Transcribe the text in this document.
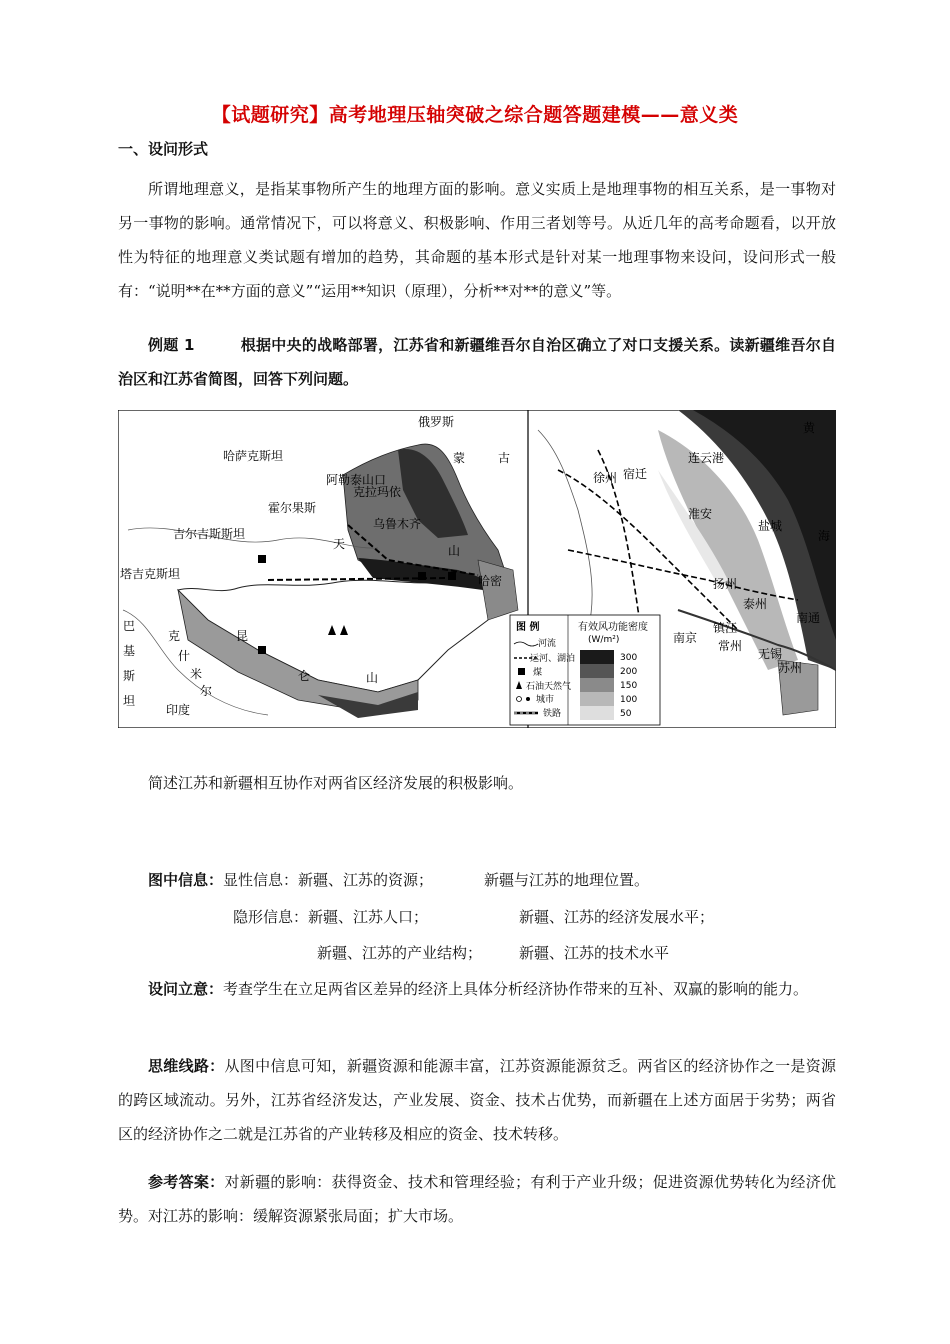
【试题研究】高考地理压轴突破之综合题答题建模——意义类
一、设问形式
所谓地理意义，是指某事物所产生的地理方面的影响。意义实质上是地理事物的相互关系，是一事物对另一事物的影响。通常情况下，可以将意义、积极影响、作用三者划等号。从近几年的高考命题看，以开放性为特征的地理意义类试题有增加的趋势，其命题的基本形式是针对某一地理事物来设问，设问形式一般有：“说明**在**方面的意义”“运用**知识（原理），分析**对**的意义”等。
例题 1	根据中央的战略部署，江苏省和新疆维吾尔自治区确立了对口支援关系。读新疆维吾尔自治区和江苏省简图，回答下列问题。
俄罗斯 哈萨克斯坦	蒙	古 阿勒泰山口 克拉玛依 霍尔果斯 吉尔吉斯斯坦 乌鲁木齐 天	山 塔吉克斯坦	哈密 巴 基 斯 坦 克 什 米 尔 印度 昆 仑	山
黄 海 连云港 徐州 宿迁 淮安 盐城 扬州 泰州 南通 南京 镇江 常州 无锡 苏州
图 例
河流
运河、湖泊
煤
石油天然气
城市
铁路
有效风功能密度
(W/m²)
300
200
150
100
50
简述江苏和新疆相互协作对两省区经济发展的积极影响。
图中信息：显性信息：新疆、江苏的资源；	新疆与江苏的地理位置。
隐形信息：新疆、江苏人口；	新疆、江苏的经济发展水平；
新疆、江苏的产业结构； 新疆、江苏的技术水平
设问立意：考查学生在立足两省区差异的经济上具体分析经济协作带来的互补、双赢的影响的能力。
思维线路：从图中信息可知，新疆资源和能源丰富，江苏资源能源贫乏。两省区的经济协作之一是资源的跨区域流动。另外，江苏省经济发达，产业发展、资金、技术占优势，而新疆在上述方面居于劣势；两省区的经济协作之二就是江苏省的产业转移及相应的资金、技术转移。
参考答案：对新疆的影响：获得资金、技术和管理经验；有利于产业升级；促进资源优势转化为经济优势。对江苏的影响：缓解资源紧张局面；扩大市场。
